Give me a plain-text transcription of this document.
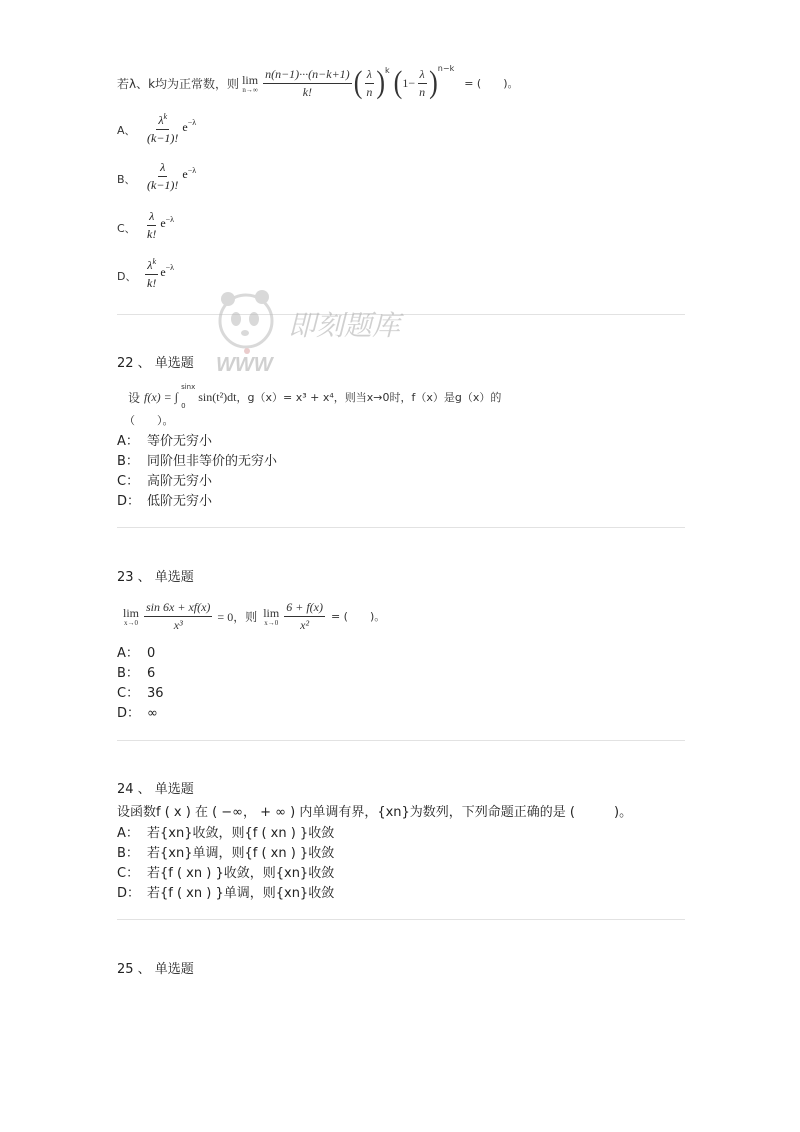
若λ、k均为正常数，则 lim
$n\to\infty \frac{n(n-1)\cdot\cdot\cdot(n-k+1)}{k!}$ ( $\frac{\lambda}{n} )^k$ ( $1- \frac{\lambda}{n} )^{n-k}$
= (　　)。
A、 $\frac{\lambda^k}{(k-1)!} e^{-\lambda}$
B、 $\frac{\lambda}{(k-1)!} e^{-\lambda}$
C、 $\frac{\lambda}{k!} e^{-\lambda}$
D、 $\frac{\lambda^k}{k!} e^{-\lambda}$
即刻题库
WWW
22 、 单选题
设 f(x) = ∫
sinx
0
sin(t²)dt ，g（x）= x³ + x⁴，则当x→0时，f（x）是g（x）的
（　　）。
A： 等价无穷小
B： 同阶但非等价的无穷小
C： 高阶无穷小
D： 低阶无穷小
23 、 单选题
lim
$x\to 0 \frac{\sin 6x + xf(x)}{\text{x³}} = 0$，则 lim
$x\to 0 \frac{6 + f(x)}{\text{x²}}$ = (　　)。
A： 0
B： 6
C： 36
D： ∞
24 、 单选题
设函数f ( x ) 在 ( −∞， + ∞ ) 内单调有界，{xn}为数列，下列命题正确的是 (　　　)。
A： 若{xn}收敛，则{f ( xn ) }收敛
B： 若{xn}单调，则{f ( xn ) }收敛
C： 若{f ( xn ) }收敛，则{xn}收敛
D： 若{f ( xn ) }单调，则{xn}收敛
25 、 单选题
